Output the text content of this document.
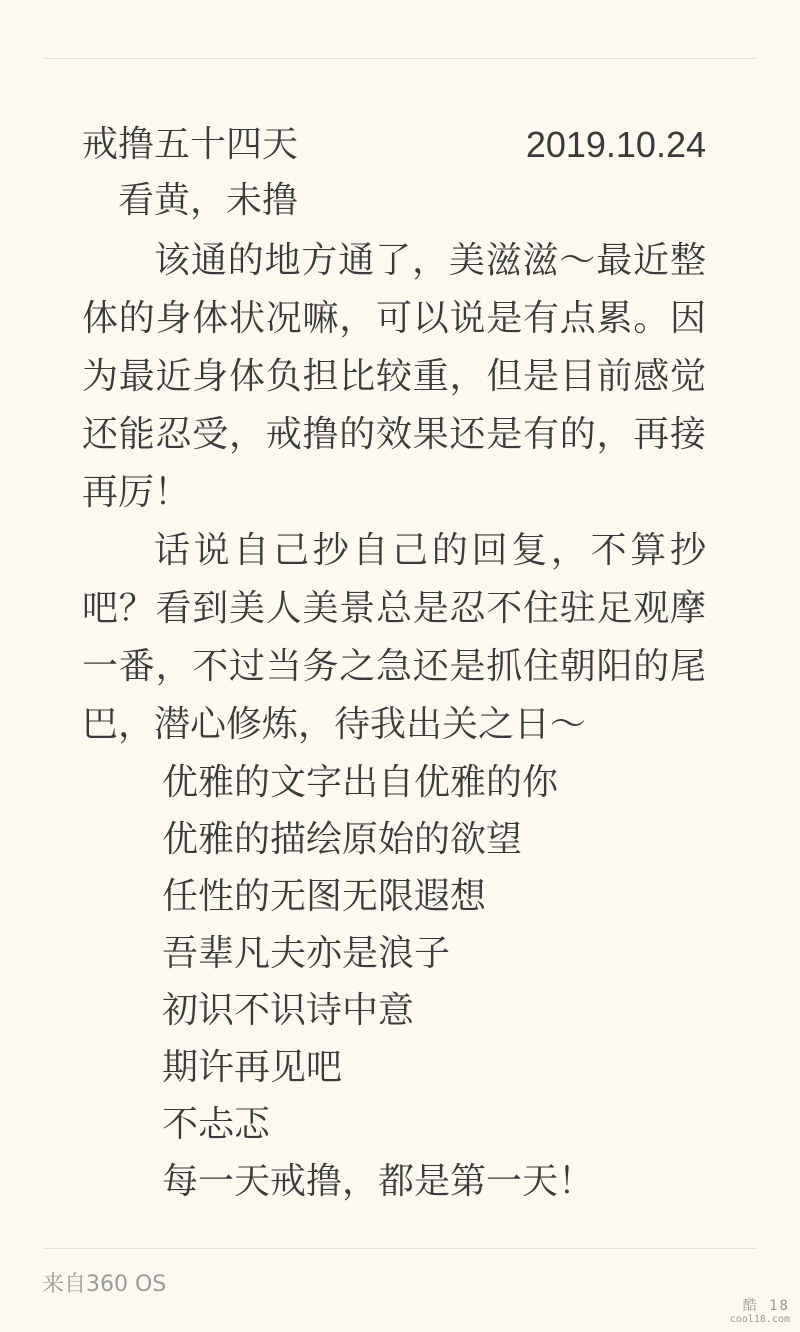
戒撸五十四天	2019.10.24
看黄，未撸

该通的地方通了，美滋滋～最近整体的身体状况嘛，可以说是有点累。因为最近身体负担比较重，但是目前感觉还能忍受，戒撸的效果还是有的，再接再厉！

话说自己抄自己的回复，不算抄吧？看到美人美景总是忍不住驻足观摩一番，不过当务之急还是抓住朝阳的尾巴，潜心修炼，待我出关之日～

优雅的文字出自优雅的你
优雅的描绘原始的欲望
任性的无图无限遐想
吾辈凡夫亦是浪子
初识不识诗中意
期许再见吧
不忐忑
每一天戒撸，都是第一天！
来自360 OS
酷 18
cool18.com
